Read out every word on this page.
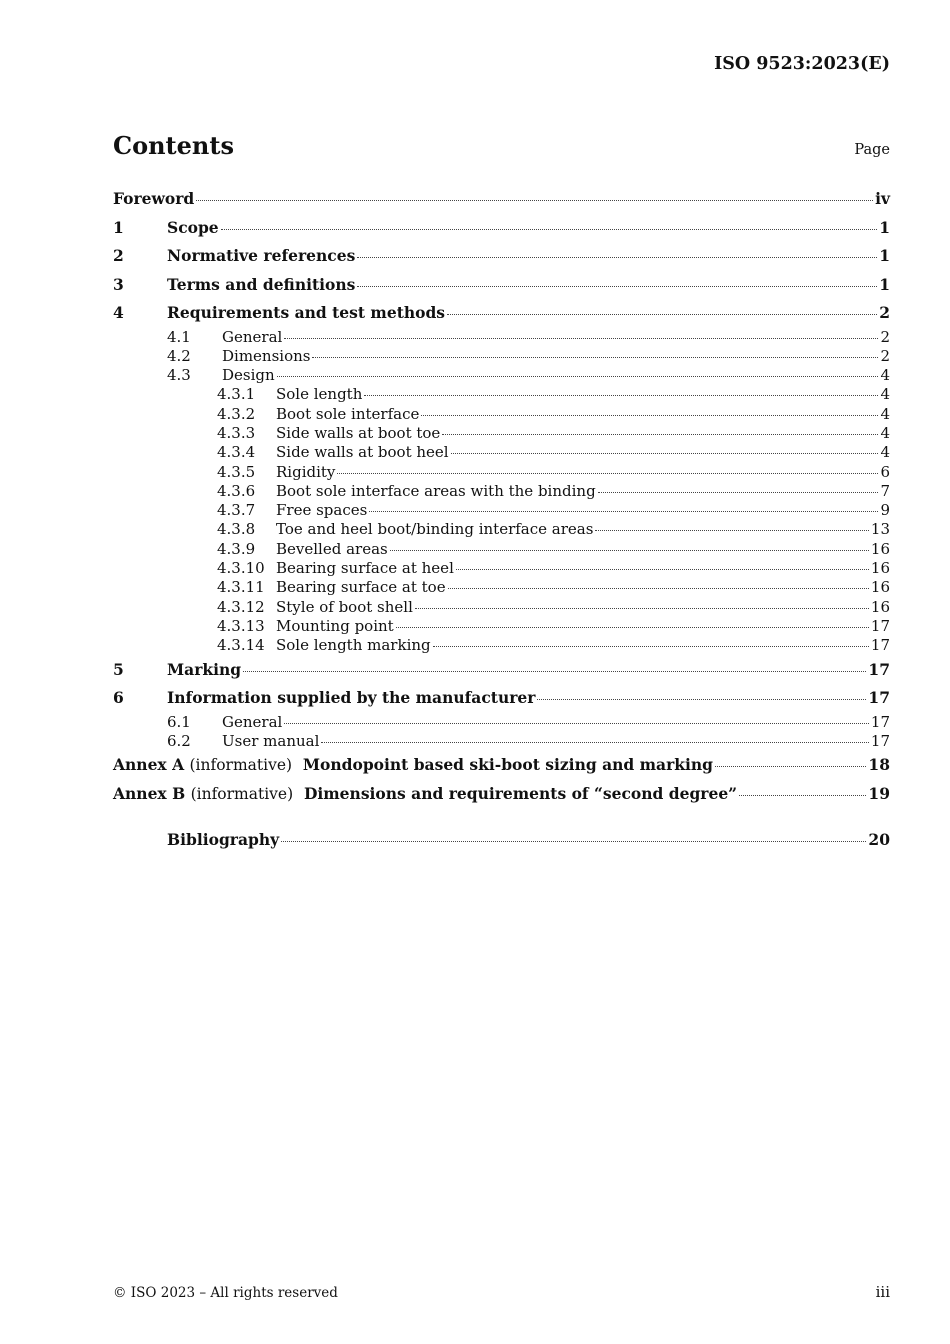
ISO 9523:2023(E)
Contents	Page
Foreword	iv
1	Scope	1
2	Normative references	1
3	Terms and definitions	1
4	Requirements and test methods	2
4.1	General	2
4.2	Dimensions	2
4.3	Design	4
4.3.1	Sole length	4
4.3.2	Boot sole interface	4
4.3.3	Side walls at boot toe	4
4.3.4	Side walls at boot heel	4
4.3.5	Rigidity	6
4.3.6	Boot sole interface areas with the binding	7
4.3.7	Free spaces	9
4.3.8	Toe and heel boot/binding interface areas	13
4.3.9	Bevelled areas	16
4.3.10 Bearing surface at heel	16
4.3.11 Bearing surface at toe	16
4.3.12 Style of boot shell	16
4.3.13 Mounting point	17
4.3.14 Sole length marking	17
5	Marking	17
6	Information supplied by the manufacturer	17
6.1	General	17
6.2	User manual	17
Annex A (informative) Mondopoint based ski-boot sizing and marking	18
Annex B (informative) Dimensions and requirements of “second degree”	19
Bibliography	20
© ISO 2023 – All rights reserved	iii
